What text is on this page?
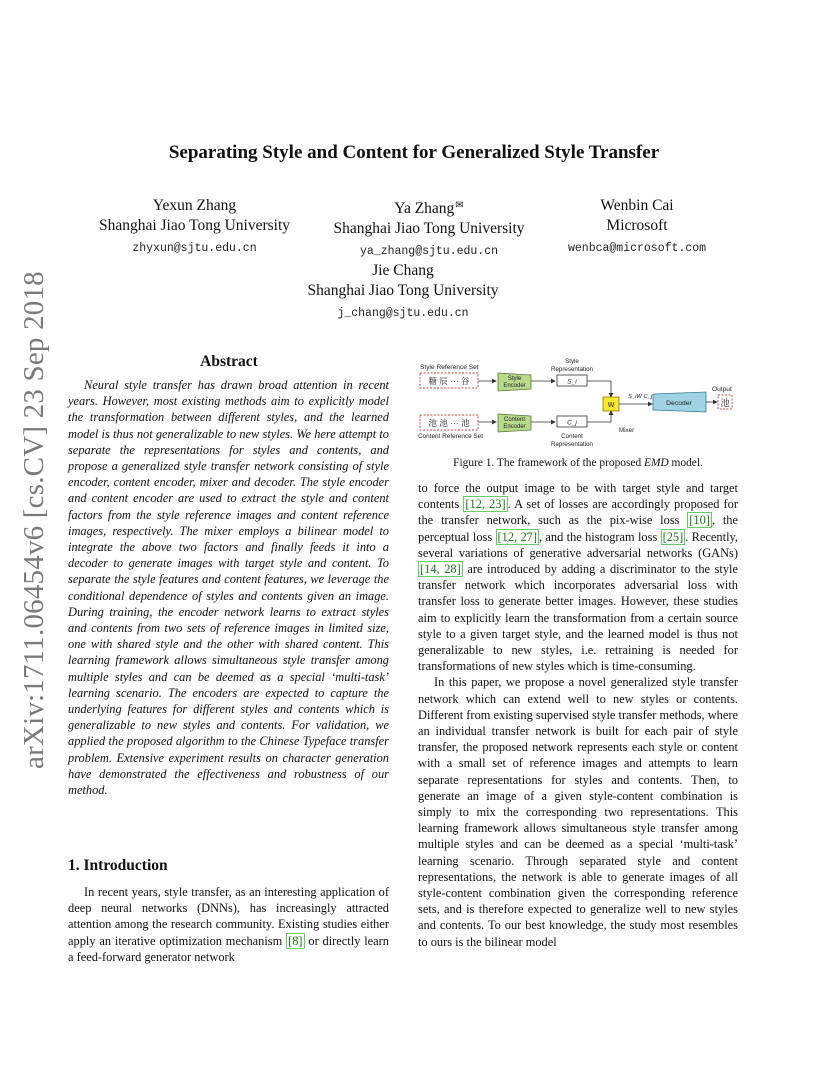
arXiv:1711.06454v6 [cs.CV] 23 Sep 2018
Separating Style and Content for Generalized Style Transfer
Yexun Zhang
Shanghai Jiao Tong University
zhyxun@sjtu.edu.cn
Ya Zhang✉
Shanghai Jiao Tong University
ya_zhang@sjtu.edu.cn
Wenbin Cai
Microsoft
wenbca@microsoft.com
Jie Chang
Shanghai Jiao Tong University
j_chang@sjtu.edu.cn
Abstract
Neural style transfer has drawn broad attention in recent years. However, most existing methods aim to explicitly model the transformation between different styles, and the learned model is thus not generalizable to new styles. We here attempt to separate the representations for styles and contents, and propose a generalized style transfer network consisting of style encoder, content encoder, mixer and decoder. The style encoder and content encoder are used to extract the style and content factors from the style reference images and content reference images, respectively. The mixer employs a bilinear model to integrate the above two factors and finally feeds it into a decoder to generate images with target style and content. To separate the style features and content features, we leverage the conditional dependence of styles and contents given an image. During training, the encoder network learns to extract styles and contents from two sets of reference images in limited size, one with shared style and the other with shared content. This learning framework allows simultaneous style transfer among multiple styles and can be deemed as a special ‘multi-task’ learning scenario. The encoders are expected to capture the underlying features for different styles and contents which is generalizable to new styles and contents. For validation, we applied the proposed algorithm to the Chinese Typeface transfer problem. Extensive experiment results on character generation have demonstrated the effectiveness and robustness of our method.
1. Introduction
In recent years, style transfer, as an interesting application of deep neural networks (DNNs), has increasingly attracted attention among the research community. Existing studies either apply an iterative optimization mechanism [8] or directly learn a feed-forward generator network
Style Reference Set
糖 辰 ··· 谷	Style
Encoder
Style
Representation
S_i
W
Mixer
S_iW C_j
Decoder
Output
池
池 池 ··· 池
Content Reference Set
Content
Encoder
C_j
Content
Representation
Figure 1. The framework of the proposed EMD model.

to force the output image to be with target style and target contents [12, 23] . A set of losses are accordingly proposed for the transfer network, such as the pix-wise loss [10] , the perceptual loss [12, 27] , and the histogram loss [25] . Recently, several variations of generative adversarial networks (GANs) [14, 28] are introduced by adding a discriminator to the style transfer network which incorporates adversarial loss with transfer loss to generate better images. However, these studies aim to explicitly learn the transformation from a certain source style to a given target style, and the learned model is thus not generalizable to new styles, i.e. retraining is needed for transformations of new styles which is time-consuming.

In this paper, we propose a novel generalized style transfer network which can extend well to new styles or contents. Different from existing supervised style transfer methods, where an individual transfer network is built for each pair of style transfer, the proposed network represents each style or content with a small set of reference images and attempts to learn separate representations for styles and contents. Then, to generate an image of a given style-content combination is simply to mix the corresponding two representations. This learning framework allows simultaneous style transfer among multiple styles and can be deemed as a special ‘multi-task’ learning scenario. Through separated style and content representations, the network is able to generate images of all style-content combination given the corresponding reference sets, and is therefore expected to generalize well to new styles and contents. To our best knowledge, the study most resembles to ours is the bilinear model
